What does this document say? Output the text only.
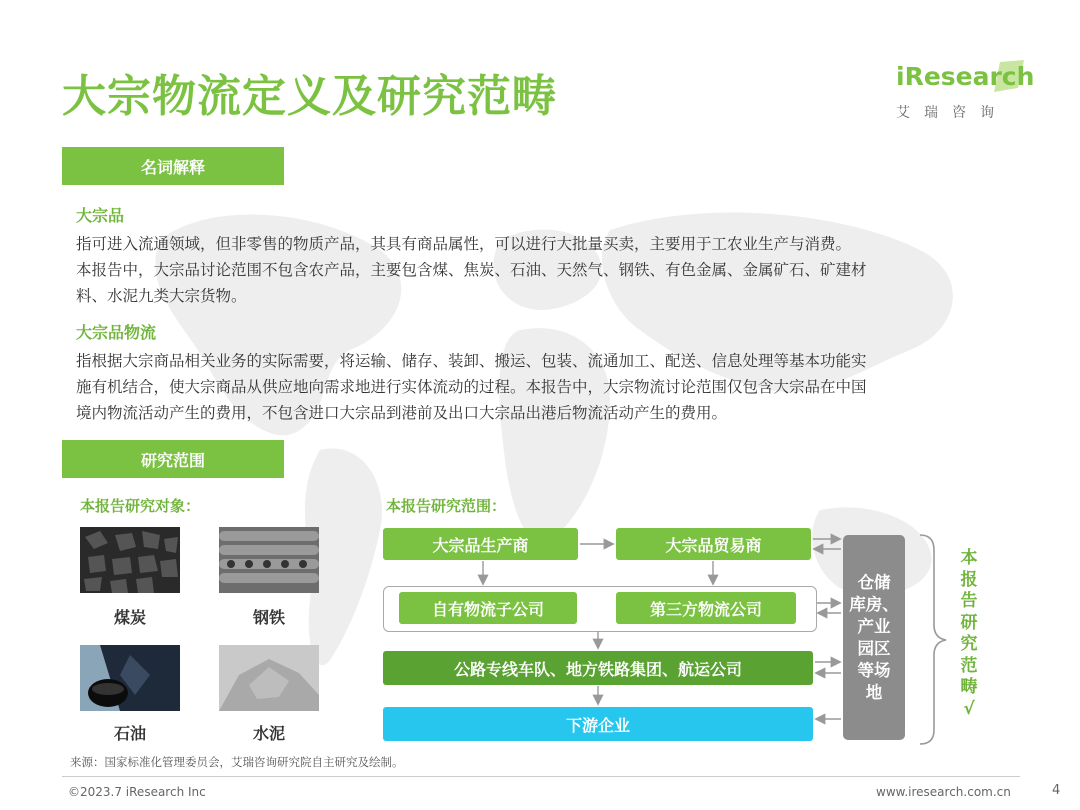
大宗物流定义及研究范畴	iResearch
艾瑞咨询
名词解释
大宗品
指可进入流通领域，但非零售的物质产品，其具有商品属性，可以进行大批量买卖，主要用于工农业生产与消费。
本报告中，大宗品讨论范围不包含农产品，主要包含煤、焦炭、石油、天然气、钢铁、有色金属、金属矿石、矿建材
料、水泥九类大宗货物。
大宗品物流
指根据大宗商品相关业务的实际需要，将运输、储存、装卸、搬运、包装、流通加工、配送、信息处理等基本功能实
施有机结合，使大宗商品从供应地向需求地进行实体流动的过程。本报告中，大宗物流讨论范围仅包含大宗品在中国
境内物流活动产生的费用，不包含进口大宗品到港前及出口大宗品出港后物流活动产生的费用。
研究范围
本报告研究对象：	本报告研究范围：
煤炭	钢铁
石油	水泥
大宗品生产商	大宗品贸易商
自有物流子公司	第三方物流公司
公路专线车队、地方铁路集团、航运公司
下游企业
仓储
库房、
产业
园区
等场
地
本报告研究范畴√
来源：国家标准化管理委员会，艾瑞咨询研究院自主研究及绘制。
©2023.7 iResearch Inc	www.iresearch.com.cn	4
